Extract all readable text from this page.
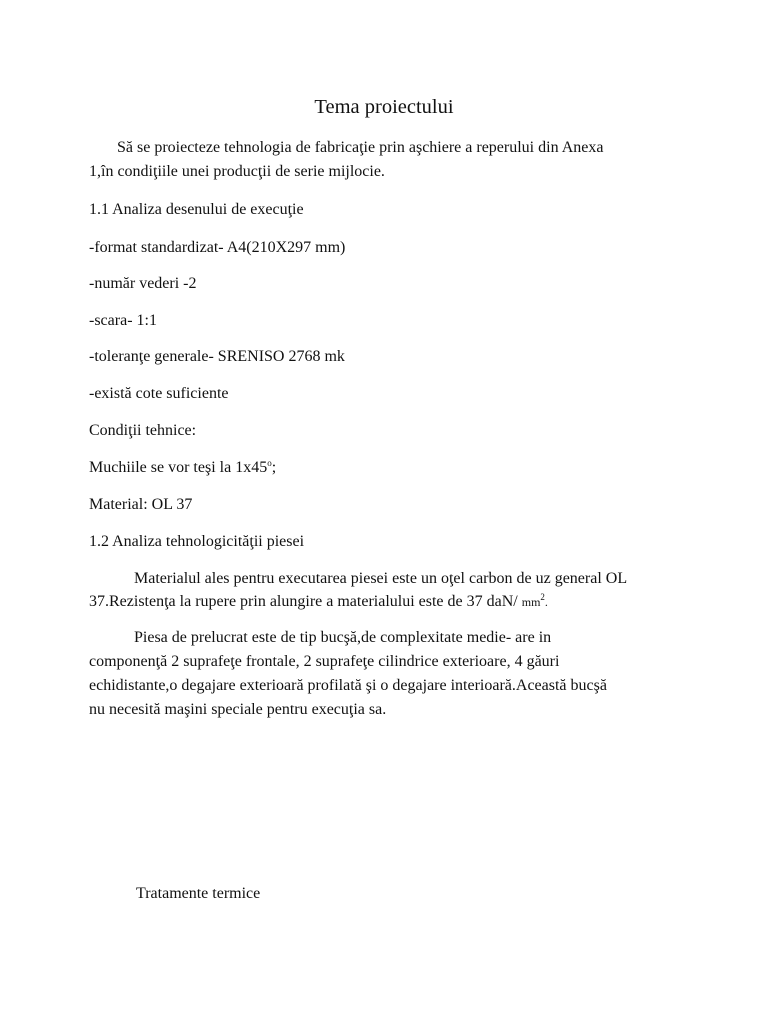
Tema proiectului

Să se proiecteze tehnologia de fabricaţie prin aşchiere a reperului din Anexa

1,în condiţiile unei producţii de serie mijlocie.

1.1 Analiza desenului de execuţie

-format standardizat- A4(210X297 mm)

-număr vederi -2

-scara- 1:1

-toleranţe generale- SRENISO 2768 mk

-există cote suficiente

Condiţii tehnice:

Muchiile se vor teşi la 1x45$^o$;

Material: OL 37

1.2 Analiza tehnologicităţii piesei

Materialul ales pentru executarea piesei este un oţel carbon de uz general OL

37.Rezistenţa la rupere prin alungire a materialului este de 37 daN/ $mm^2$.

Piesa de prelucrat este de tip bucşă,de complexitate medie- are in

componenţă 2 suprafeţe frontale, 2 suprafeţe cilindrice exterioare, 4 găuri

echidistante,o degajare exterioară profilată şi o degajare interioară.Această bucşă

nu necesită maşini speciale pentru execuţia sa.

Tratamente termice
